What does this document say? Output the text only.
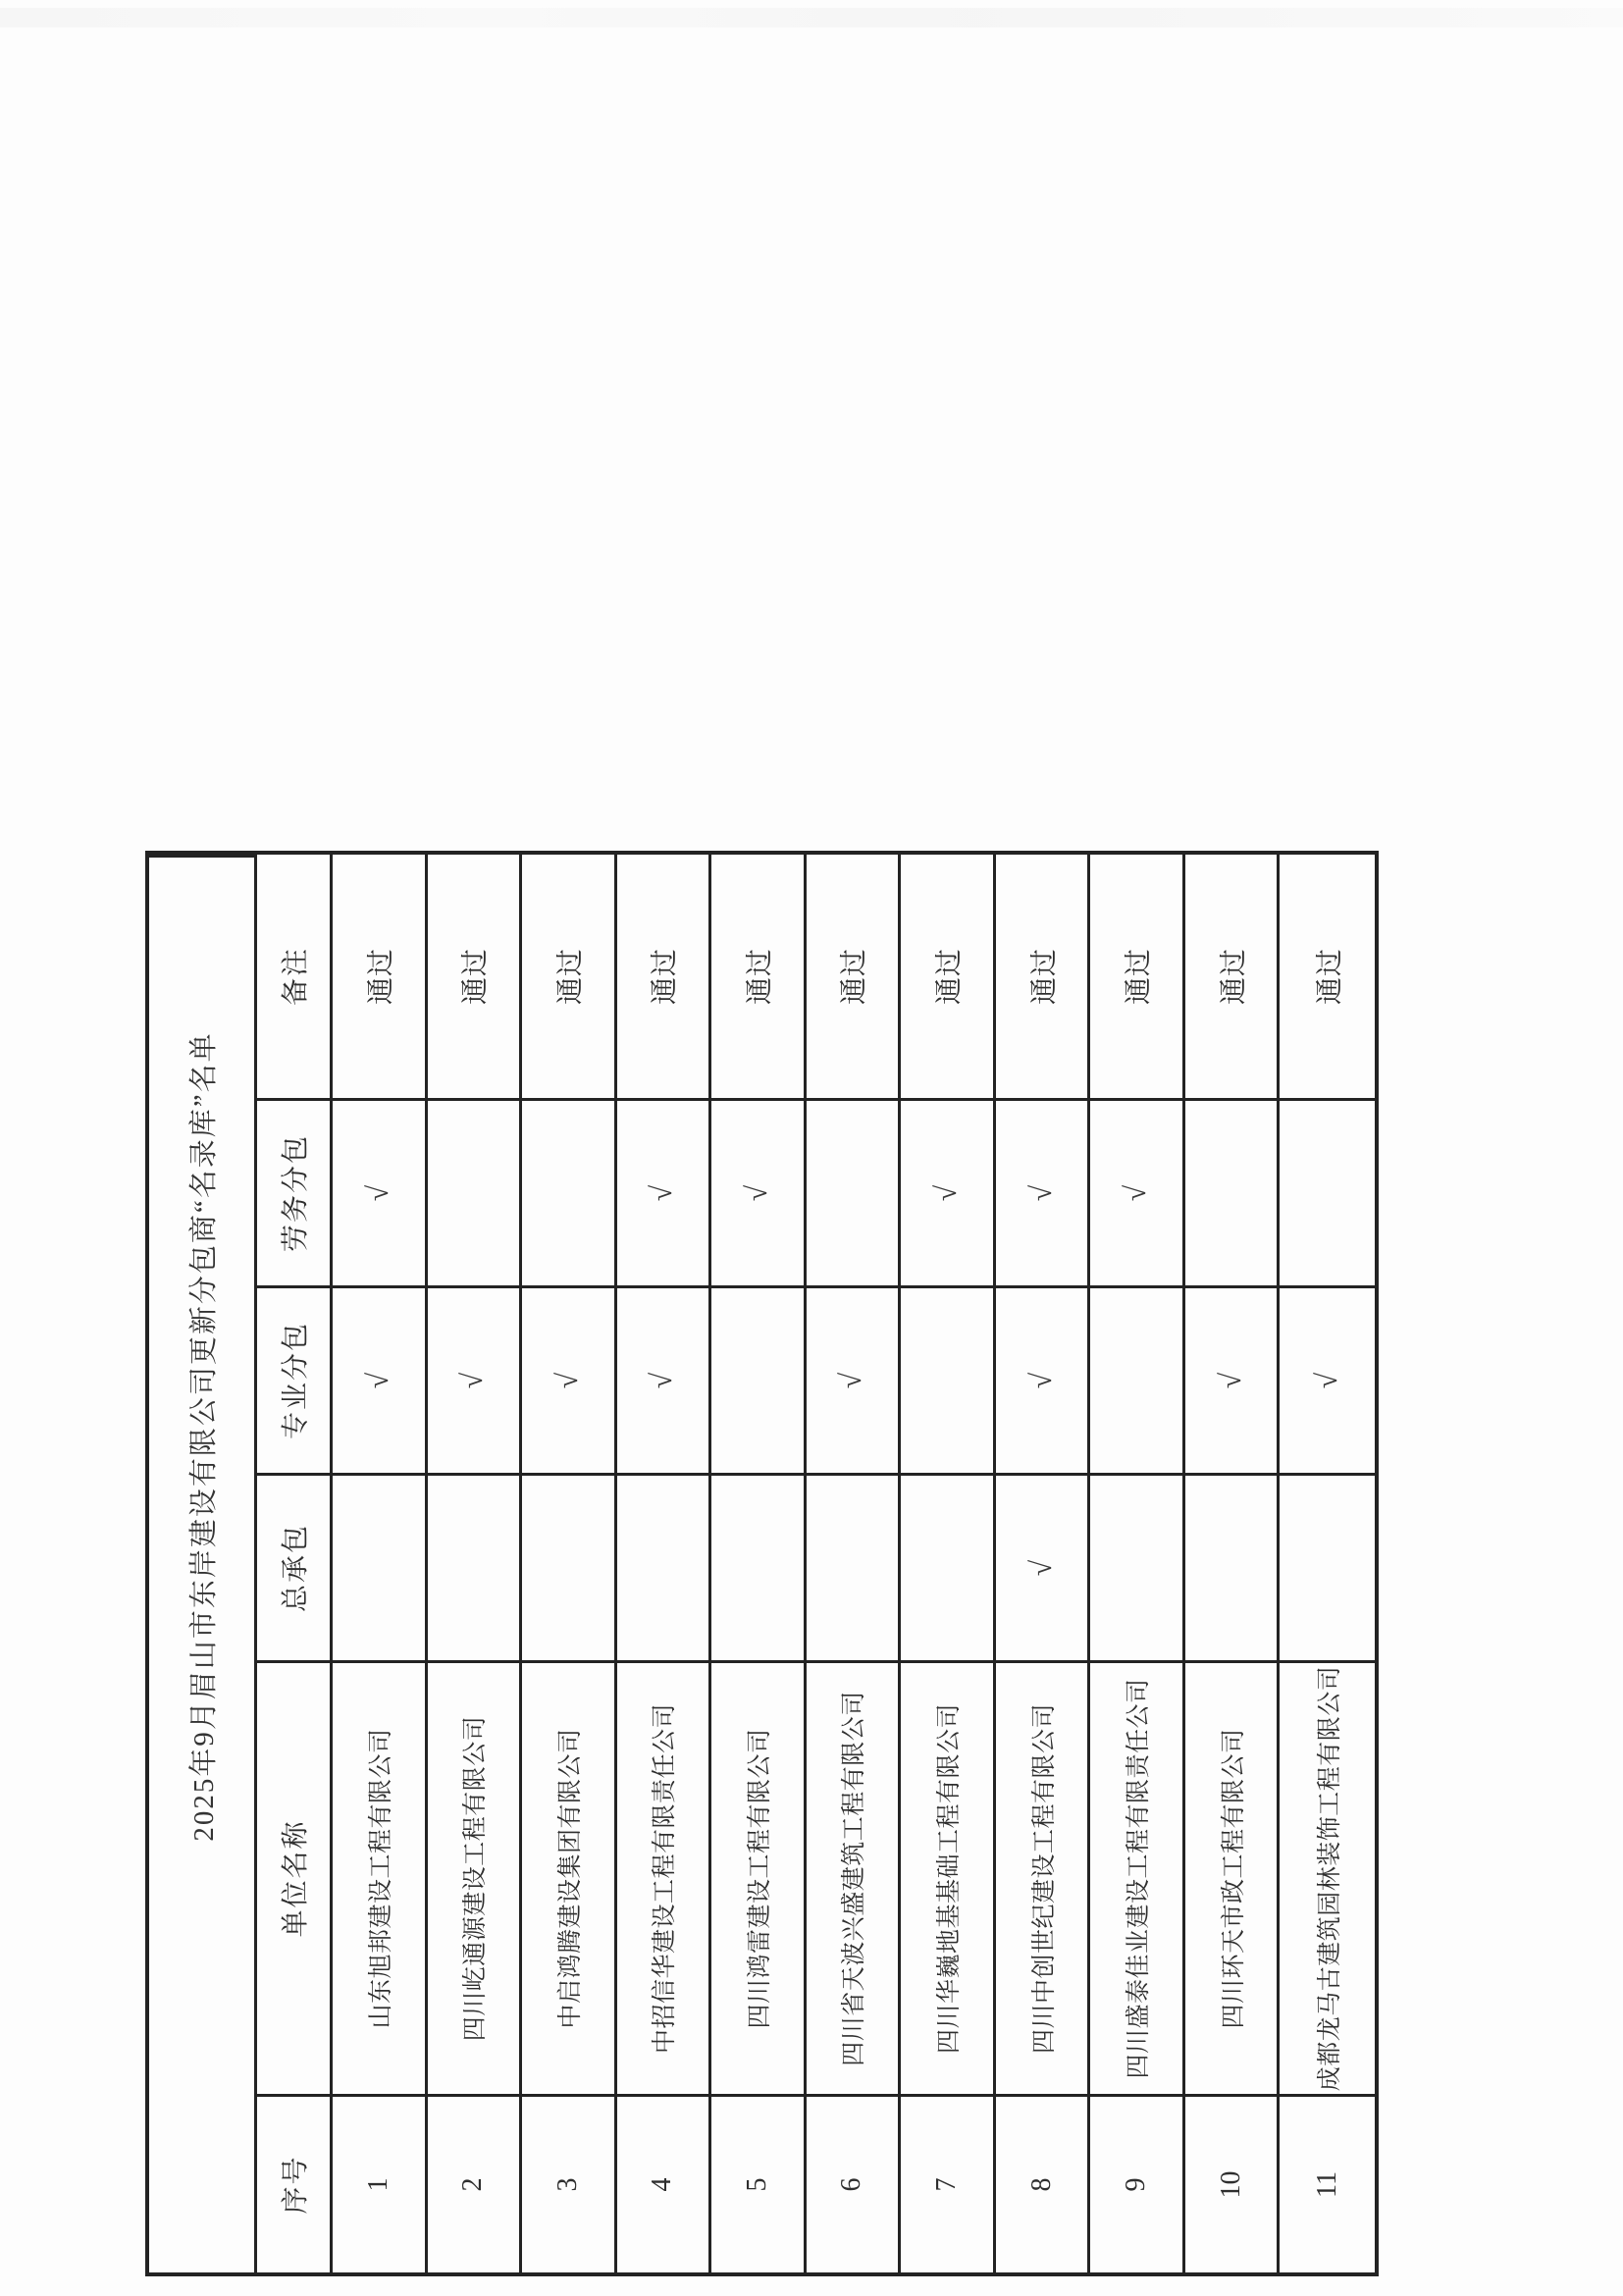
2025年9月眉山市东岸建设有限公司更新分包商“名录库”名单
序号
单位名称
总承包
专业分包
劳务分包
备注
1
山东旭邦建设工程有限公司
√
√
通过
2
四川屹通源建设工程有限公司
√
通过
3
中启鸿腾建设集团有限公司
√
通过
4
中招信华建设工程有限责任公司
√
√
通过
5
四川鸿雷建设工程有限公司
√
通过
6
四川省天波兴盛建筑工程有限公司
√
通过
7
四川华巍地基基础工程有限公司
√
通过
8
四川中创世纪建设工程有限公司
√
√
√
通过
9
四川盛泰佳业建设工程有限责任公司
√
通过
10
四川环天市政工程有限公司
√
通过
11
成都龙马古建筑园林装饰工程有限公司
√
通过
